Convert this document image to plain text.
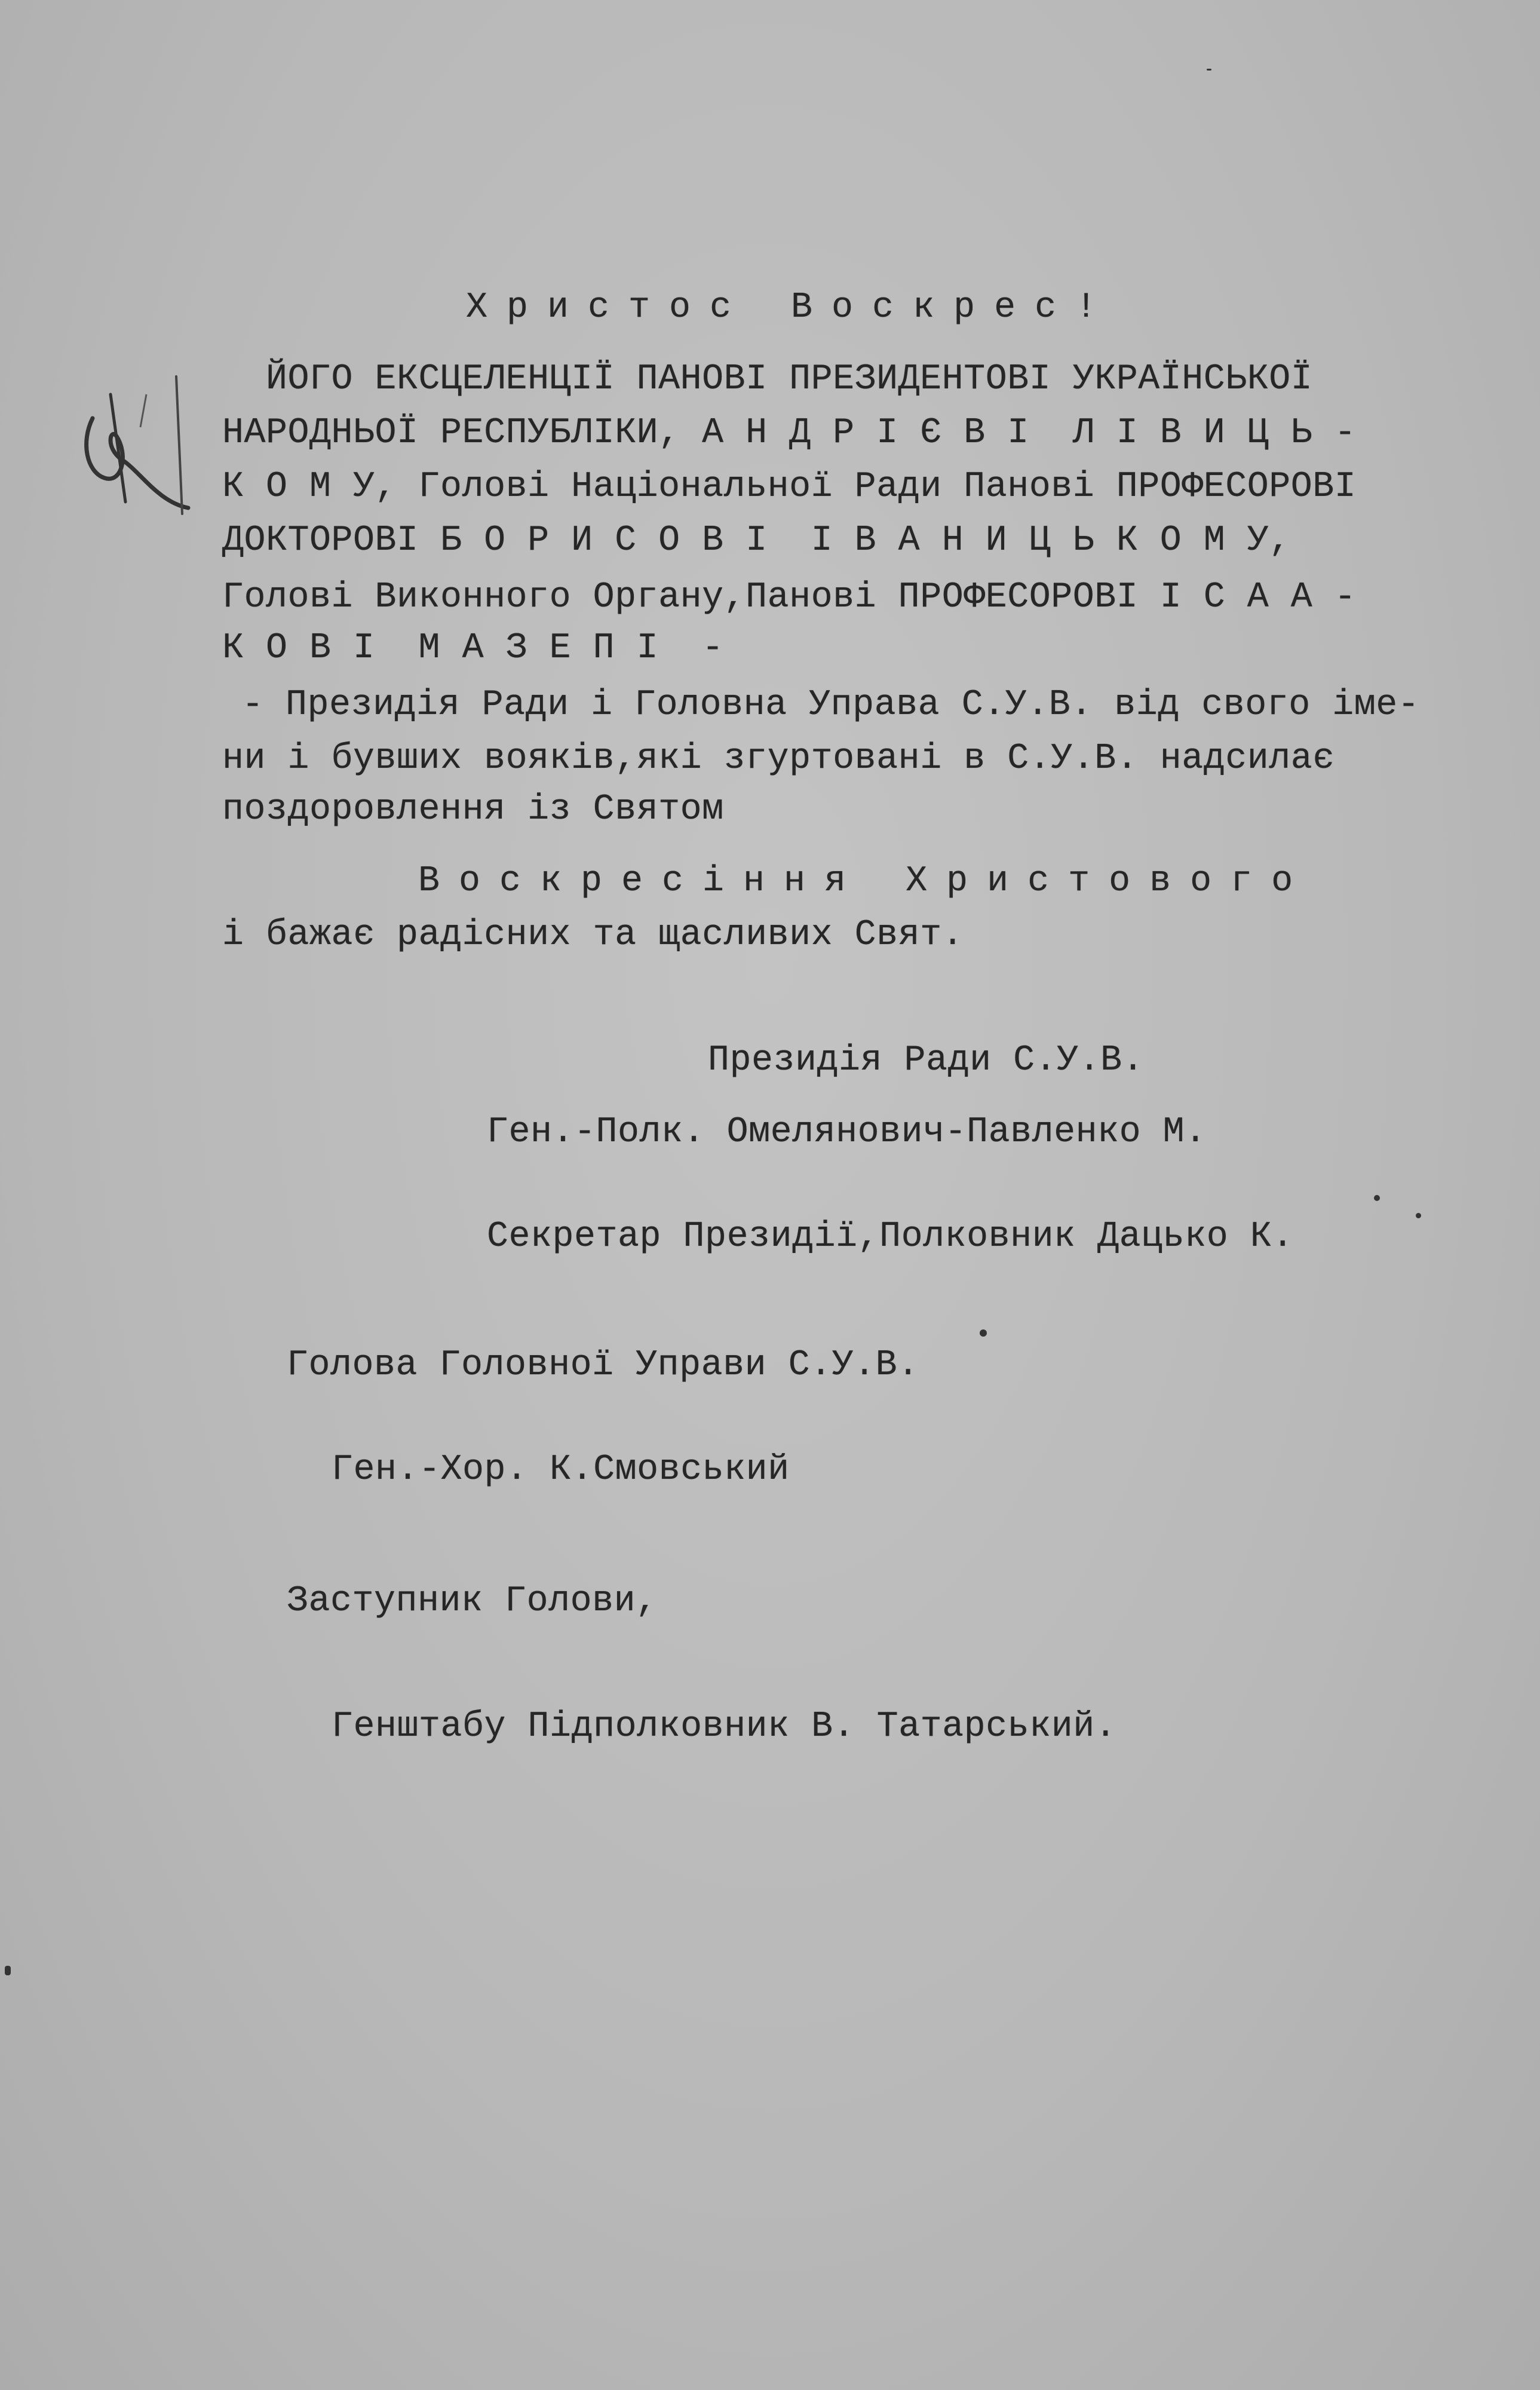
Христос Воскрес!
ЙОГО ЕКСЦЕЛЕНЦІЇ ПАНОВІ ПРЕЗИДЕНТОВІ УКРАЇНСЬКОЇ
НАРОДНЬОЇ РЕСПУБЛІКИ, А Н Д Р І Є В І  Л І В И Ц Ь -
К О М У, Голові Національної Ради Панові ПРОФЕСОРОВІ
ДОКТОРОВІ Б О Р И С О В І  І В А Н И Ц Ь К О М У,
Голові Виконного Органу,Панові ПРОФЕСОРОВІ І С А А -
К О В І  М А З Е П І  -
- Президія Ради і Головна Управа С.У.В. від свого іме-
ни і бувших вояків,які згуртовані в С.У.В. надсилає
поздоровлення із Святом
Воскресіння Христового
і бажає радісних та щасливих Свят.
Президія Ради С.У.В.
Ген.-Полк. Омелянович-Павленко М.
Секретар Президії,Полковник Дацько К.
Голова Головної Управи С.У.В.
Ген.-Хор. К.Смовський
Заступник Голови,
Генштабу Підполковник В. Татарський.
